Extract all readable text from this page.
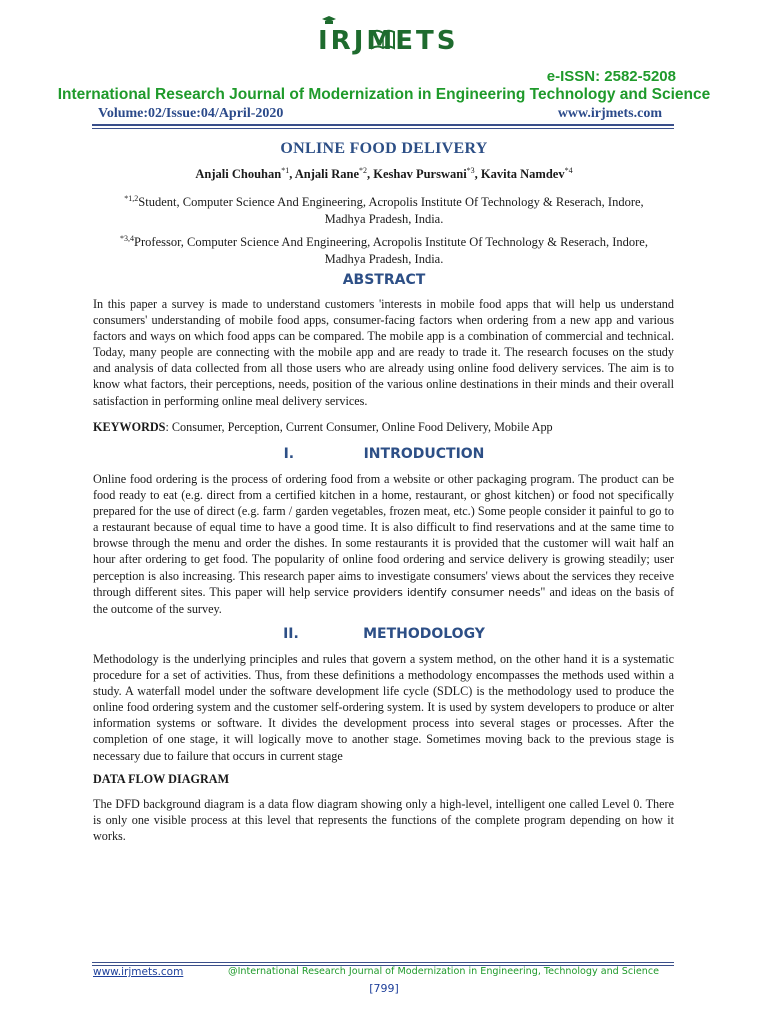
IRJMETS
e-ISSN: 2582-5208
International Research Journal of Modernization in Engineering Technology and Science
Volume:02/Issue:04/April-2020	www.irjmets.com
ONLINE FOOD DELIVERY
Anjali Chouhan$^{*1}$, Anjali Rane$^{*2}$, Keshav Purswani$^{*3}$, Kavita Namdev$^{*4}$
$^{*1,2}$Student, Computer Science And Engineering, Acropolis Institute Of Technology & Reserach, Indore,
Madhya Pradesh, India.
$^{*3,4}$Professor, Computer Science And Engineering, Acropolis Institute Of Technology & Reserach, Indore,
Madhya Pradesh, India.
ABSTRACT
In this paper a survey is made to understand customers 'interests in mobile food apps that will help us understand consumers' understanding of mobile food apps, consumer-facing factors when ordering from a new app and various factors and ways on which food apps can be compared. The mobile app is a combination of commercial and technical. Today, many people are connecting with the mobile app and are ready to trade it. The research focuses on the study and analysis of data collected from all those users who are already using online food delivery services. The aim is to know what factors, their perceptions, needs, position of the various online destinations in their minds and their overall satisfaction in performing online meal delivery services.
KEYWORDS: Consumer, Perception, Current Consumer, Online Food Delivery, Mobile App
I.	INTRODUCTION
Online food ordering is the process of ordering food from a website or other packaging program. The product can be food ready to eat (e.g. direct from a certified kitchen in a home, restaurant, or ghost kitchen) or food not specifically prepared for the use of direct (e.g. farm / garden vegetables, frozen meat, etc.) Some people consider it painful to go to a restaurant because of equal time to have a good time. It is also difficult to find reservations and at the same time to browse through the menu and order the dishes. In some restaurants it is provided that the customer will wait half an hour after ordering to get food. The popularity of online food ordering and service delivery is growing steadily; user perception is also increasing. This research paper aims to investigate consumers' views about the services they receive through different sites. This paper will help service providers identify consumer needs" and ideas on the basis of the outcome of the survey.
II.	METHODOLOGY
Methodology is the underlying principles and rules that govern a system method, on the other hand it is a systematic procedure for a set of activities. Thus, from these definitions a methodology encompasses the methods used within a study. A waterfall model under the software development life cycle (SDLC) is the methodology used to produce the online food ordering system and the customer self-ordering system. It is used by system developers to produce or alter information systems or software. It divides the development process into several stages or processes. After the completion of one stage, it will logically move to another stage. Sometimes moving back to the previous stage is necessary due to failure that occurs in current stage
DATA FLOW DIAGRAM
The DFD background diagram is a data flow diagram showing only a high-level, intelligent one called Level 0. There is only one visible process at this level that represents the functions of the complete program depending on how it works.
www.irjmets.com	@International Research Journal of Modernization in Engineering, Technology and Science
[799]
